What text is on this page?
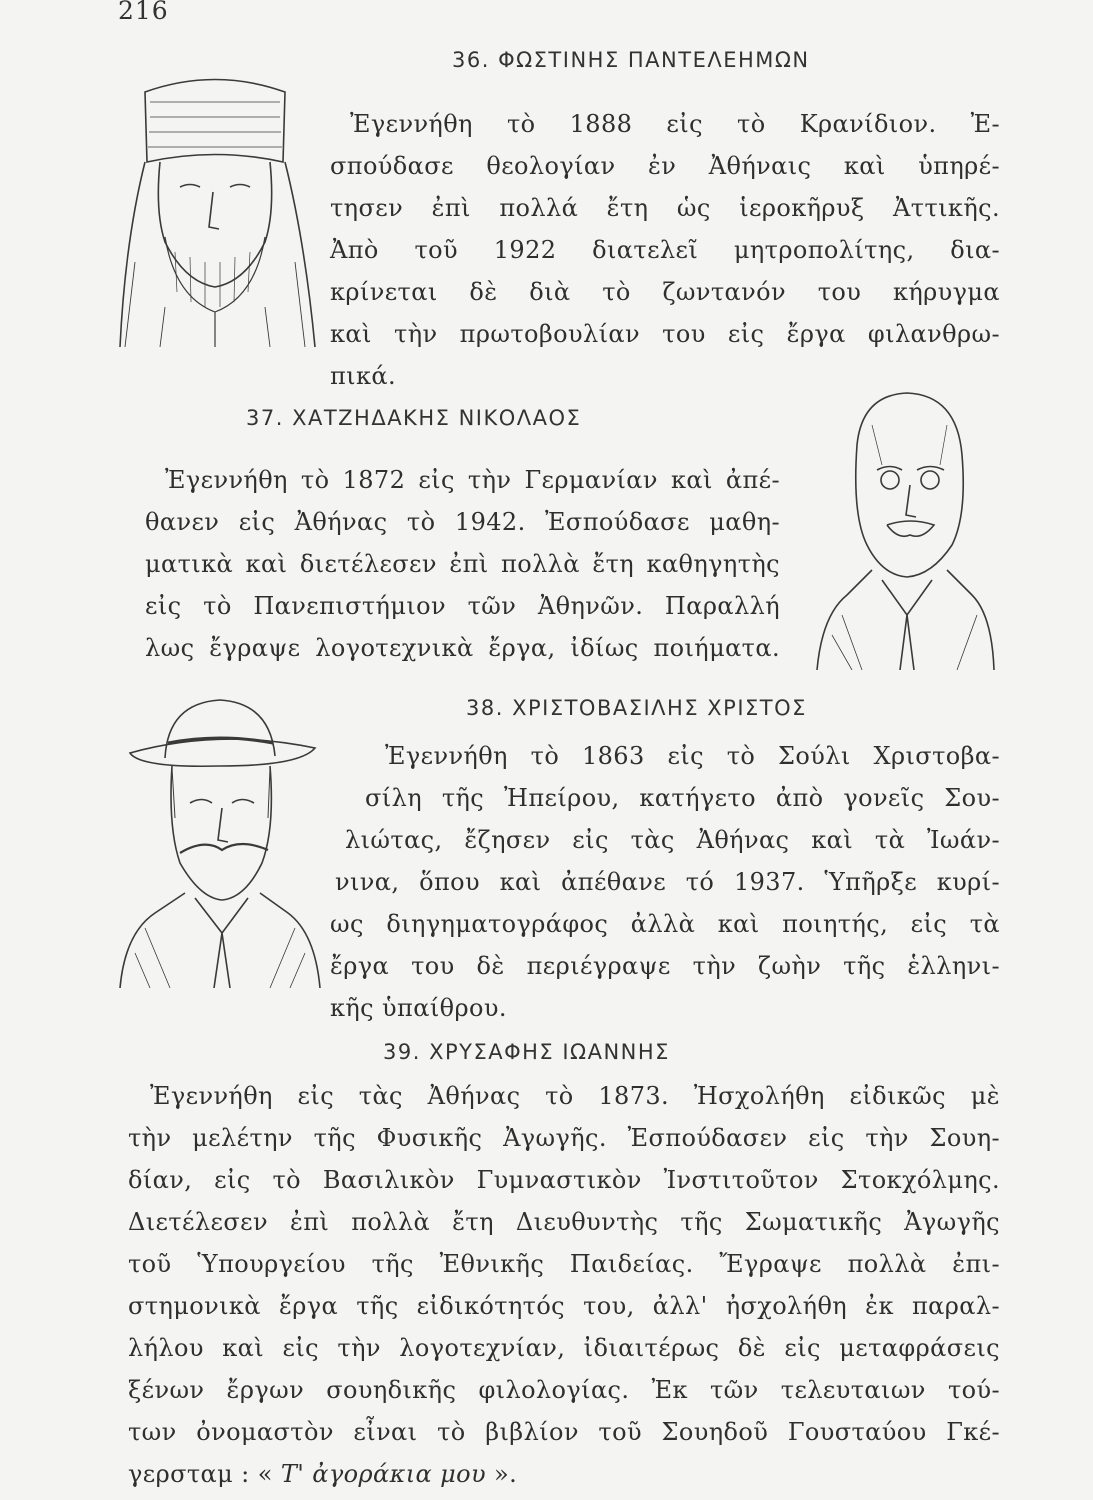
216
36. ΦΩΣΤΙΝΗΣ ΠΑΝΤΕΛΕΗΜΩΝ
Ἐγεννήθη τὸ 1888 εἰς τὸ Κρανίδιον. Ἐ-
σπούδασε θεολογίαν ἐν Ἀθήναις καὶ ὑπηρέ-
τησεν ἐπὶ πολλά ἔτη ὡς ἱεροκῆρυξ Ἀττικῆς.
Ἀπὸ τοῦ 1922 διατελεῖ μητροπολίτης, δια-
κρίνεται δὲ διὰ τὸ ζωντανόν του κήρυγμα
καὶ τὴν πρωτοβουλίαν του εἰς ἔργα φιλανθρω-
πικά.
37. ΧΑΤΖΗΔΑΚΗΣ ΝΙΚΟΛΑΟΣ
Ἐγεννήθη τὸ 1872 εἰς τὴν Γερμανίαν καὶ ἀπέ-
θανεν εἰς Ἀθήνας τὸ 1942. Ἐσπούδασε μαθη-
ματικὰ καὶ διετέλεσεν ἐπὶ πολλὰ ἔτη καθηγητὴς
εἰς τὸ Πανεπιστήμιον τῶν Ἀθηνῶν. Παραλλή
λως ἔγραψε λογοτεχνικὰ ἔργα, ἰδίως ποιήματα.
38. ΧΡΙΣΤΟΒΑΣΙΛΗΣ ΧΡΙΣΤΟΣ
Ἐγεννήθη τὸ 1863 εἰς τὸ Σούλι Χριστοβα-
σίλη τῆς Ἠπείρου, κατήγετο ἀπὸ γονεῖς Σου-
λιώτας, ἔζησεν εἰς τὰς Ἀθήνας καὶ τὰ Ἰωάν-
νινα, ὅπου καὶ ἀπέθανε τό 1937. Ὑπῆρξε κυρί-
ως διηγηματογράφος ἀλλὰ καὶ ποιητής, εἰς τὰ
ἔργα του δὲ περιέγραψε τὴν ζωὴν τῆς ἑλληνι-
κῆς ὑπαίθρου.
39. ΧΡΥΣΑΦΗΣ ΙΩΑΝΝΗΣ
Ἐγεννήθη εἰς τὰς Ἀθήνας τὸ 1873. Ἠσχολήθη εἰδικῶς μὲ
τὴν μελέτην τῆς Φυσικῆς Ἀγωγῆς. Ἐσπούδασεν εἰς τὴν Σουη-
δίαν, εἰς τὸ Βασιλικὸν Γυμναστικὸν Ἰνστιτοῦτον Στοκχόλμης.
Διετέλεσεν ἐπὶ πολλὰ ἔτη Διευθυντὴς τῆς Σωματικῆς Ἀγωγῆς
τοῦ Ὑπουργείου τῆς Ἐθνικῆς Παιδείας. Ἔγραψε πολλὰ ἐπι-
στημονικὰ ἔργα τῆς εἰδικότητός του, ἀλλ' ἠσχολήθη ἐκ παραλ-
λήλου καὶ εἰς τὴν λογοτεχνίαν, ἰδιαιτέρως δὲ εἰς μεταφράσεις
ξένων ἔργων σουηδικῆς φιλολογίας. Ἐκ τῶν τελευταιων τού-
των ὀνομαστὸν εἶναι τὸ βιβλίον τοῦ Σουηδοῦ Γουσταύου Γκέ-
γερσταμ : « Τ' ἀγοράκια μου ».
